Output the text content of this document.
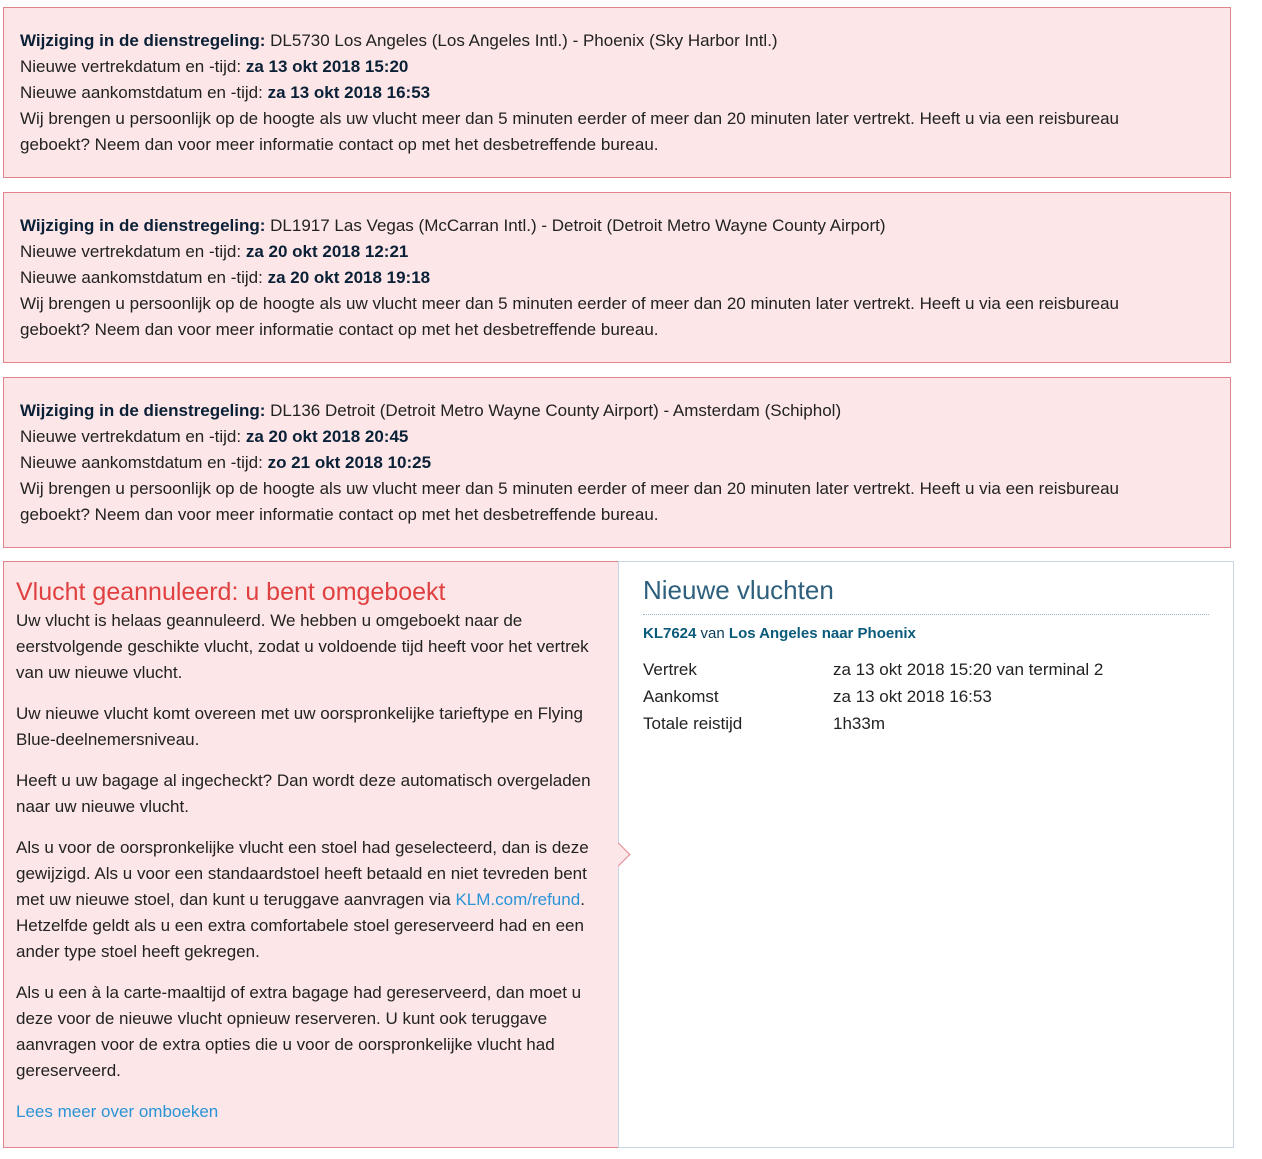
Wijziging in de dienstregeling: DL5730 Los Angeles (Los Angeles Intl.) - Phoenix (Sky Harbor Intl.)
Nieuwe vertrekdatum en -tijd: za 13 okt 2018 15:20
Nieuwe aankomstdatum en -tijd: za 13 okt 2018 16:53
Wij brengen u persoonlijk op de hoogte als uw vlucht meer dan 5 minuten eerder of meer dan 20 minuten later vertrekt. Heeft u via een reisbureau geboekt? Neem dan voor meer informatie contact op met het desbetreffende bureau.
Wijziging in de dienstregeling: DL1917 Las Vegas (McCarran Intl.) - Detroit (Detroit Metro Wayne County Airport)
Nieuwe vertrekdatum en -tijd: za 20 okt 2018 12:21
Nieuwe aankomstdatum en -tijd: za 20 okt 2018 19:18
Wij brengen u persoonlijk op de hoogte als uw vlucht meer dan 5 minuten eerder of meer dan 20 minuten later vertrekt. Heeft u via een reisbureau geboekt? Neem dan voor meer informatie contact op met het desbetreffende bureau.
Wijziging in de dienstregeling: DL136 Detroit (Detroit Metro Wayne County Airport) - Amsterdam (Schiphol)
Nieuwe vertrekdatum en -tijd: za 20 okt 2018 20:45
Nieuwe aankomstdatum en -tijd: zo 21 okt 2018 10:25
Wij brengen u persoonlijk op de hoogte als uw vlucht meer dan 5 minuten eerder of meer dan 20 minuten later vertrekt. Heeft u via een reisbureau geboekt? Neem dan voor meer informatie contact op met het desbetreffende bureau.
Vlucht geannuleerd: u bent omgeboekt

Uw vlucht is helaas geannuleerd. We hebben u omgeboekt naar de eerstvolgende geschikte vlucht, zodat u voldoende tijd heeft voor het vertrek van uw nieuwe vlucht.

Uw nieuwe vlucht komt overeen met uw oorspronkelijke tarieftype en Flying Blue-deelnemersniveau.

Heeft u uw bagage al ingecheckt? Dan wordt deze automatisch overgeladen naar uw nieuwe vlucht.

Als u voor de oorspronkelijke vlucht een stoel had geselecteerd, dan is deze gewijzigd. Als u voor een standaardstoel heeft betaald en niet tevreden bent met uw nieuwe stoel, dan kunt u teruggave aanvragen via KLM.com/refund. Hetzelfde geldt als u een extra comfortabele stoel gereserveerd had en een ander type stoel heeft gekregen.

Als u een à la carte-maaltijd of extra bagage had gereserveerd, dan moet u deze voor de nieuwe vlucht opnieuw reserveren. U kunt ook teruggave aanvragen voor de extra opties die u voor de oorspronkelijke vlucht had gereserveerd.

Lees meer over omboeken

Nieuwe vluchten
KL7624 van Los Angeles naar Phoenix
Vertrek	za 13 okt 2018 15:20 van terminal 2
Aankomst	za 13 okt 2018 16:53
Totale reistijd	1h33m
